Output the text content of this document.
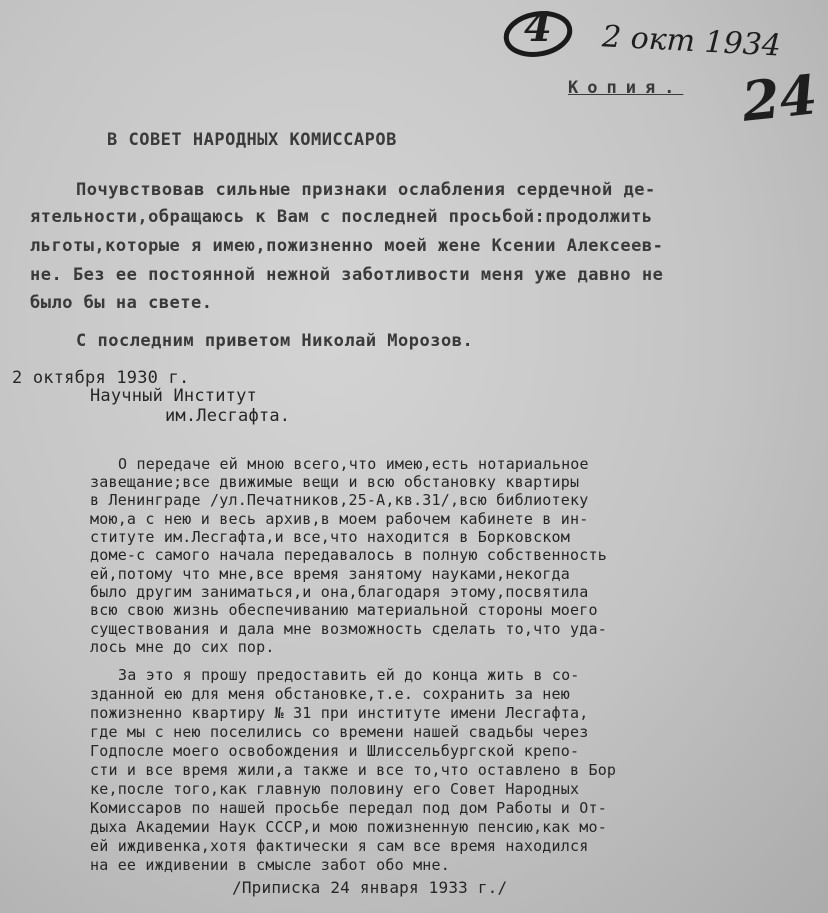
4 2 окт 1934
Копия. 24
В СОВЕТ НАРОДНЫХ КОМИССАРОВ
Почувствовав сильные признаки ослабления сердечной де-
ятельности,обращаюсь к Вам с последней просьбой:продолжить
льготы,которые я имею,пожизненно моей жене Ксении Алексеев-
не. Без ее постоянной нежной заботливости меня уже давно не
было бы на свете.
С последним приветом Николай Морозов.
2 октября 1930 г.
Научный Институт
им.Лесгафта.
О передаче ей мною всего,что имею,есть нотариальное
завещание;все движимые вещи и всю обстановку квартиры
в Ленинграде /ул.Печатников,25-А,кв.31/,всю библиотеку
мою,а с нею и весь архив,в моем рабочем кабинете в ин-
ституте им.Лесгафта,и все,что находится в Борковском
доме-с самого начала передавалось в полную собственность
ей,потому что мне,все время занятому науками,некогда
было другим заниматься,и она,благодаря этому,посвятила
всю свою жизнь обеспечиванию материальной стороны моего
существования и дала мне возможность сделать то,что уда-
лось мне до сих пор.
За это я прошу предоставить ей до конца жить в со-
зданной ею для меня обстановке,т.е. сохранить за нею
пожизненно квартиру № 31 при институте имени Лесгафта,
где мы с нею поселились со времени нашей свадьбы через
Годпосле моего освобождения и Шлиссельбургской крепо-
сти и все время жили,а также и все то,что оставлено в Бор
ке,после того,как главную половину его Совет Народных
Комиссаров по нашей просьбе передал под дом Работы и От-
дыха Академии Наук СССР,и мою пожизненную пенсию,как мо-
ей иждивенка,хотя фактически я сам все время находился
на ее иждивении в смысле забот обо мне.
/Приписка 24 января 1933 г./
